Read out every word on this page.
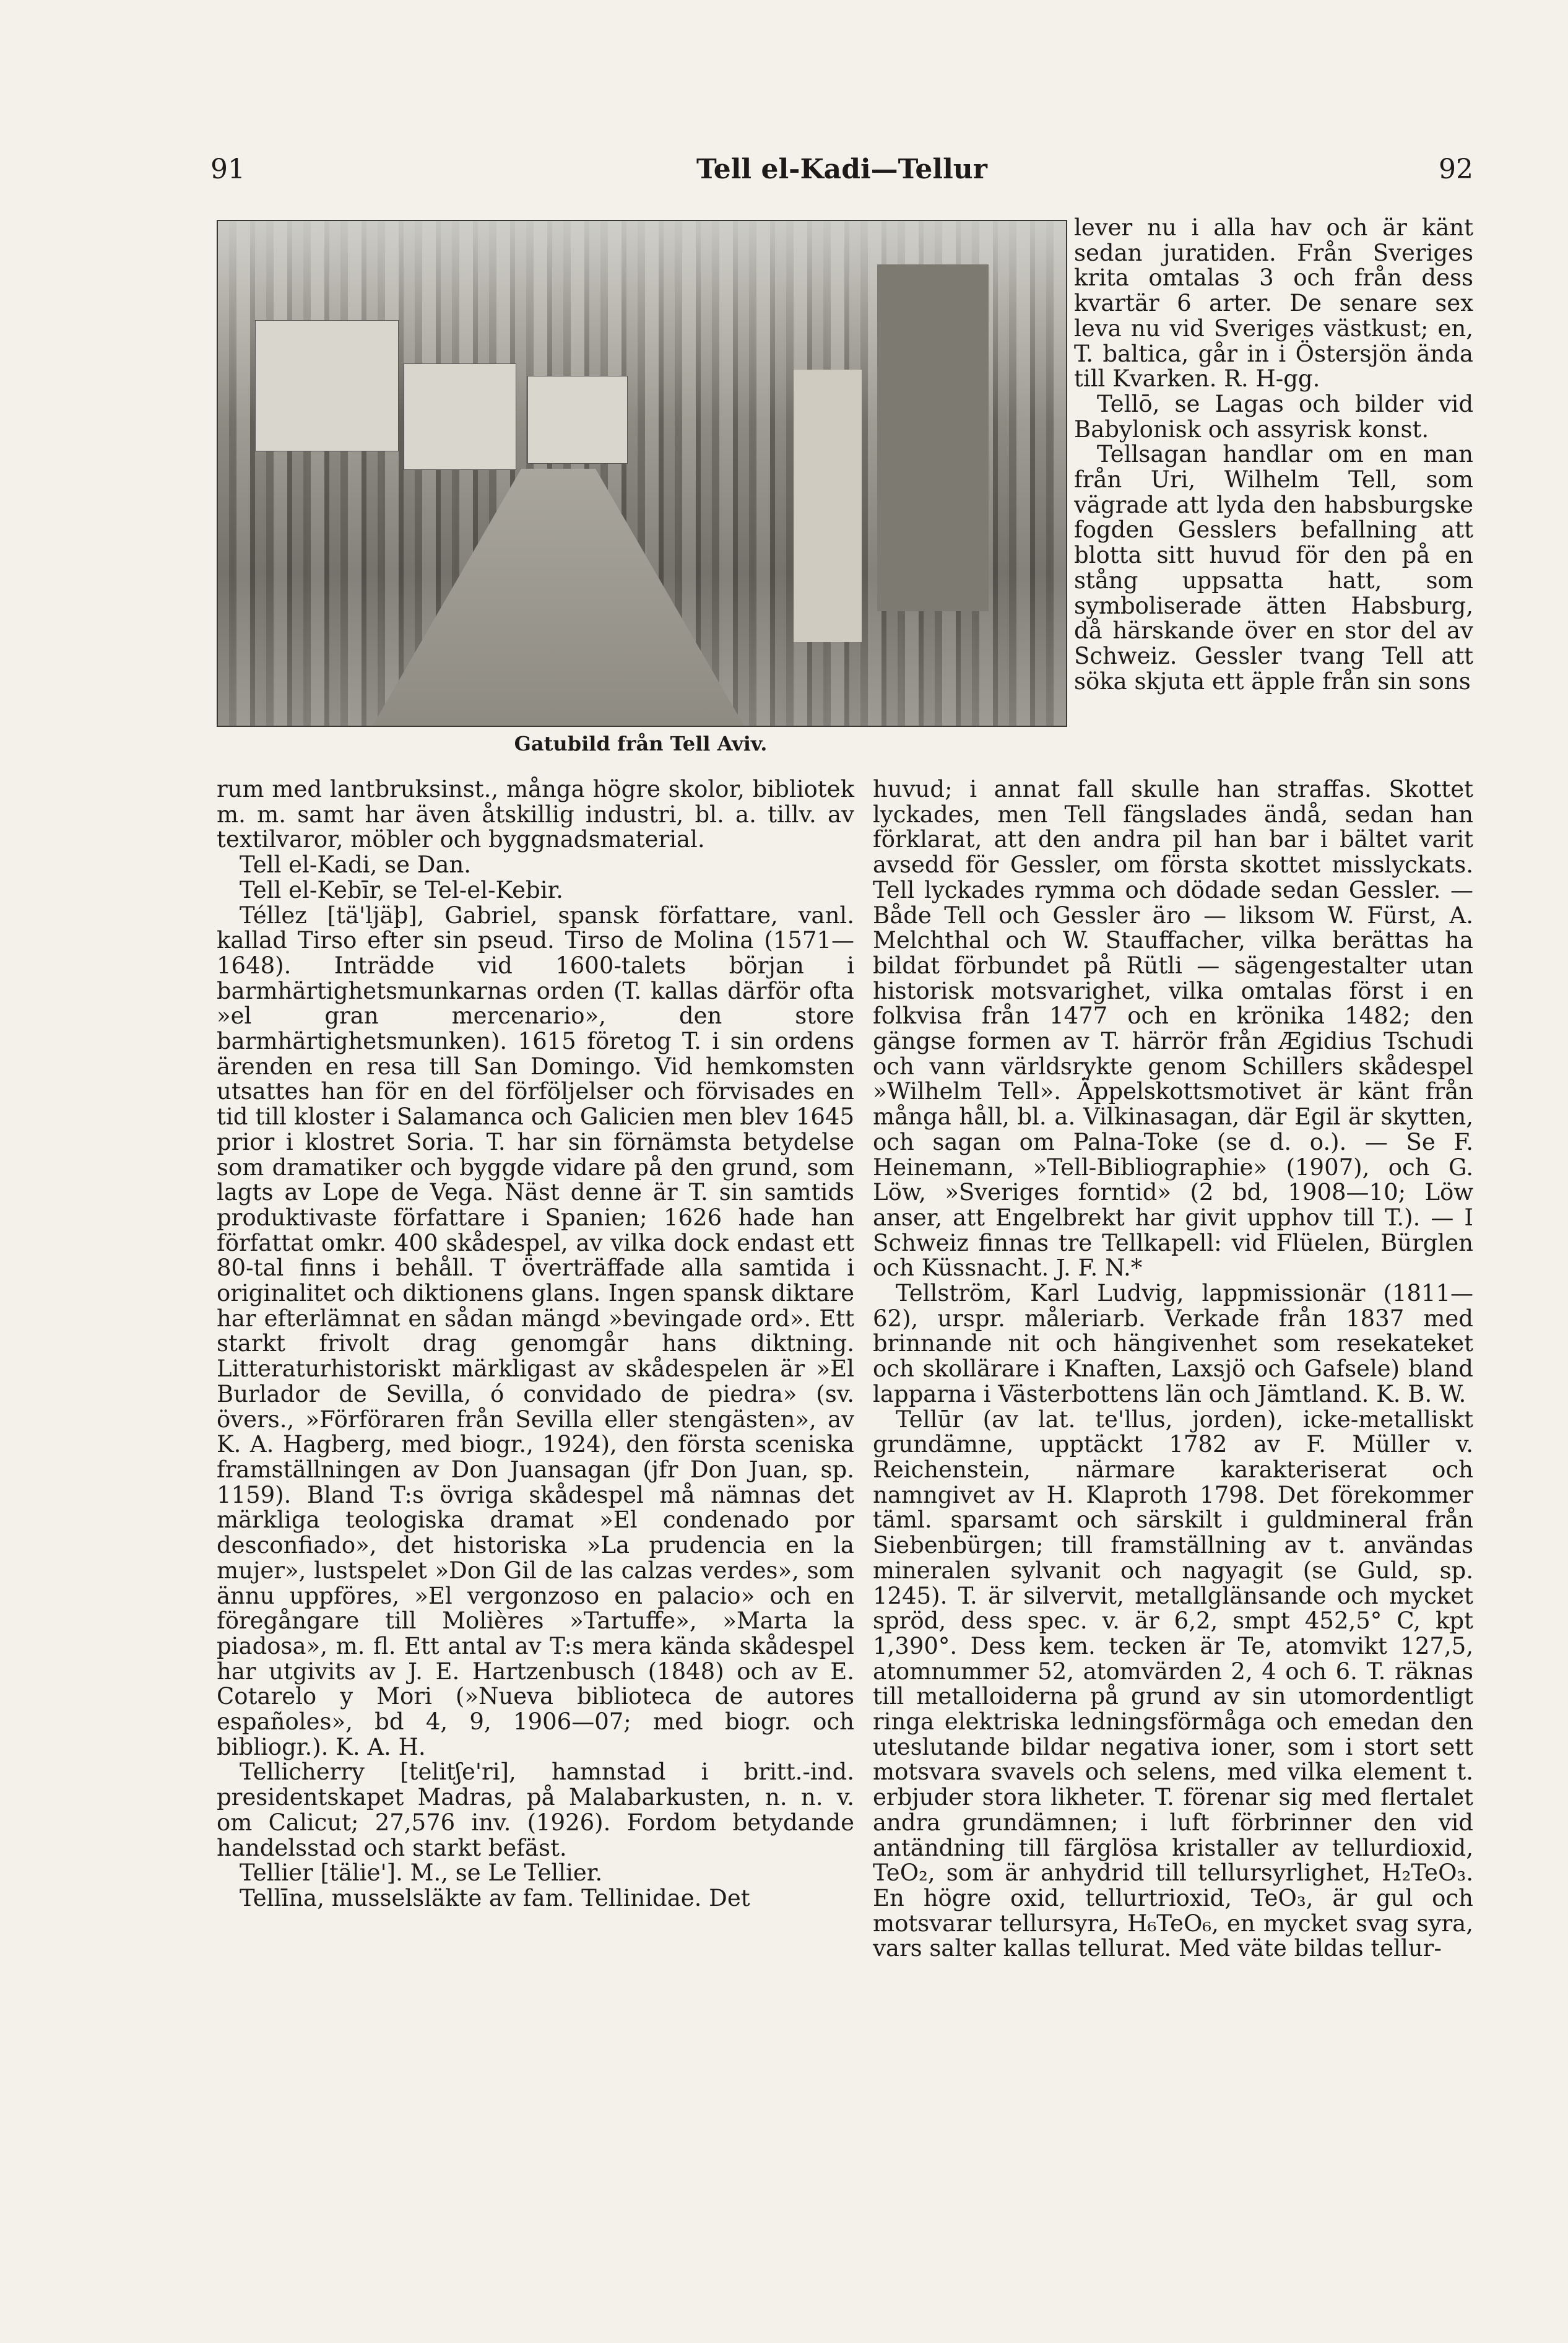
91	Tell el-Kadi—Tellur	92
Gatubild från Tell Aviv.

lever nu i alla hav och är känt sedan juratiden. Från Sveriges krita omtalas 3 och från dess kvartär 6 arter. De senare sex leva nu vid Sveriges västkust; en, T. baltica, går in i Östersjön ända till Kvarken. R. H-gg.

Tellō, se Lagas och bilder vid Babylonisk och assyrisk konst.

Tellsagan handlar om en man från Uri, Wilhelm Tell, som vägrade att lyda den habsburgske fogden Gesslers befallning att blotta sitt huvud för den på en stång uppsatta hatt, som symboliserade ätten Habsburg, då härskande över en stor del av Schweiz. Gessler tvang Tell att söka skjuta ett äpple från sin sons

rum med lantbruksinst., många högre skolor, bibliotek m. m. samt har även åtskillig industri, bl. a. tillv. av textilvaror, möbler och byggnadsmaterial.

Tell el-Kadi, se Dan.

Tell el-Kebīr, se Tel-el-Kebir.

Téllez [tä'ljäþ], Gabriel, spansk författare, vanl. kallad Tirso efter sin pseud. Tirso de Molina (1571—1648). Inträdde vid 1600-talets början i barmhärtighetsmunkarnas orden (T. kallas därför ofta »el gran mercenario», den store barmhärtighetsmunken). 1615 företog T. i sin ordens ärenden en resa till San Domingo. Vid hemkomsten utsattes han för en del förföljelser och förvisades en tid till kloster i Salamanca och Galicien men blev 1645 prior i klostret Soria. T. har sin förnämsta betydelse som dramatiker och byggde vidare på den grund, som lagts av Lope de Vega. Näst denne är T. sin samtids produktivaste författare i Spanien; 1626 hade han författat omkr. 400 skådespel, av vilka dock endast ett 80-tal finns i behåll. T överträffade alla samtida i originalitet och diktionens glans. Ingen spansk diktare har efterlämnat en sådan mängd »bevingade ord». Ett starkt frivolt drag genomgår hans diktning. Litteraturhistoriskt märkligast av skådespelen är »El Burlador de Sevilla, ó convidado de piedra» (sv. övers., »Förföraren från Sevilla eller stengästen», av K. A. Hagberg, med biogr., 1924), den första sceniska framställningen av Don Juansagan (jfr Don Juan, sp. 1159). Bland T:s övriga skådespel må nämnas det märkliga teologiska dramat »El condenado por desconfiado», det historiska »La prudencia en la mujer», lustspelet »Don Gil de las calzas verdes», som ännu uppföres, »El vergonzoso en palacio» och en föregångare till Molières »Tartuffe», »Marta la piadosa», m. fl. Ett antal av T:s mera kända skådespel har utgivits av J. E. Hartzenbusch (1848) och av E. Cotarelo y Mori (»Nueva biblioteca de autores españoles», bd 4, 9, 1906—07; med biogr. och bibliogr.). K. A. H.

Tellicherry [telitʃe'ri], hamnstad i britt.-ind. presidentskapet Madras, på Malabarkusten, n. n. v. om Calicut; 27,576 inv. (1926). Fordom betydande handelsstad och starkt befäst.

Tellier [tälie']. M., se Le Tellier.

Tellīna, musselsläkte av fam. Tellinidae. Det

huvud; i annat fall skulle han straffas. Skottet lyckades, men Tell fängslades ändå, sedan han förklarat, att den andra pil han bar i bältet varit avsedd för Gessler, om första skottet misslyckats. Tell lyckades rymma och dödade sedan Gessler. — Både Tell och Gessler äro — liksom W. Fürst, A. Melchthal och W. Stauffacher, vilka berättas ha bildat förbundet på Rütli — sägengestalter utan historisk motsvarighet, vilka omtalas först i en folkvisa från 1477 och en krönika 1482; den gängse formen av T. härrör från Ægidius Tschudi och vann världsrykte genom Schillers skådespel »Wilhelm Tell». Äppelskottsmotivet är känt från många håll, bl. a. Vilkinasagan, där Egil är skytten, och sagan om Palna-Toke (se d. o.). — Se F. Heinemann, »Tell-Bibliographie» (1907), och G. Löw, »Sveriges forntid» (2 bd, 1908—10; Löw anser, att Engelbrekt har givit upphov till T.). — I Schweiz finnas tre Tellkapell: vid Flüelen, Bürglen och Küssnacht. J. F. N.*

Tellström, Karl Ludvig, lappmissionär (1811—62), urspr. måleriarb. Verkade från 1837 med brinnande nit och hängivenhet som resekateket och skollärare i Knaften, Laxsjö och Gafsele) bland lapparna i Västerbottens län och Jämtland. K. B. W.

Tellūr (av lat. te'llus, jorden), icke-metalliskt grundämne, upptäckt 1782 av F. Müller v. Reichenstein, närmare karakteriserat och namngivet av H. Klaproth 1798. Det förekommer täml. sparsamt och särskilt i guldmineral från Siebenbürgen; till framställning av t. användas mineralen sylvanit och nagyagit (se Guld, sp. 1245). T. är silvervit, metallglänsande och mycket spröd, dess spec. v. är 6,2, smpt 452,5° C, kpt 1,390°. Dess kem. tecken är Te, atomvikt 127,5, atomnummer 52, atomvärden 2, 4 och 6. T. räknas till metalloiderna på grund av sin utomordentligt ringa elektriska ledningsförmåga och emedan den uteslutande bildar negativa ioner, som i stort sett motsvara svavels och selens, med vilka element t. erbjuder stora likheter. T. förenar sig med flertalet andra grundämnen; i luft förbrinner den vid antändning till färglösa kristaller av tellurdioxid, TeO₂, som är anhydrid till tellursyrlighet, H₂TeO₃. En högre oxid, tellurtrioxid, TeO₃, är gul och motsvarar tellursyra, H₆TeO₆, en mycket svag syra, vars salter kallas tellurat. Med väte bildas tellur-
